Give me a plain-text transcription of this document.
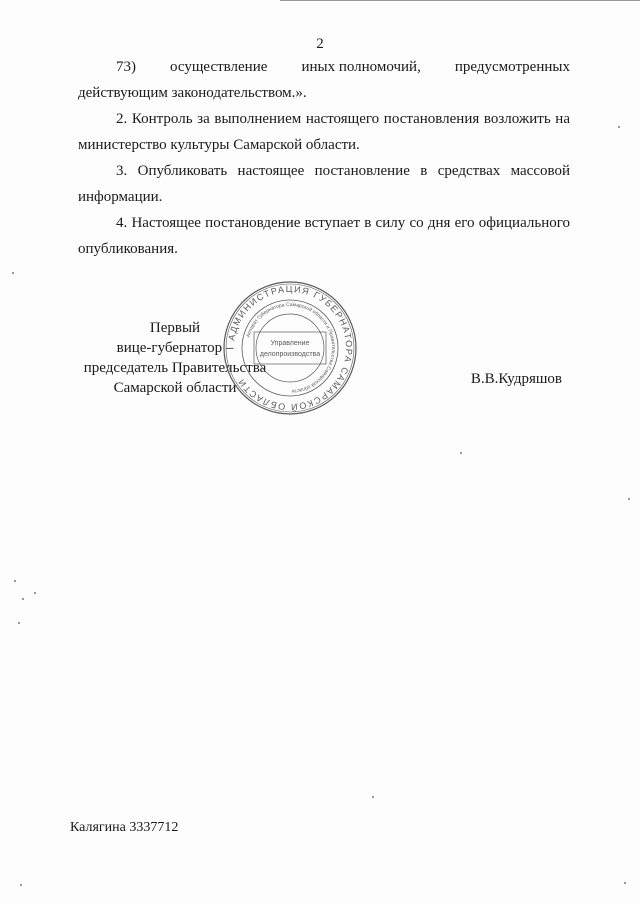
2
73) осуществление иных полномочий, предусмотренных
действующим законодательством.».
2. Контроль за выполнением настоящего постановления возложить на министерство культуры Самарской области.
3. Опубликовать настоящее постановление в средствах массовой информации.
4. Настоящее постановдение вступает в силу со дня его официального опубликования.
Первый
вице-губернатор –
председатель Правительства
Самарской области
АДМИНИСТРАЦИЯ ГУБЕРНАТОРА САМАРСКОЙ ОБЛАСТИ
Аппарат Губернатора Самарской области и Правительства Самарской области
Управление
делопроизводства
В.В.Кудряшов
Калягина 3337712
